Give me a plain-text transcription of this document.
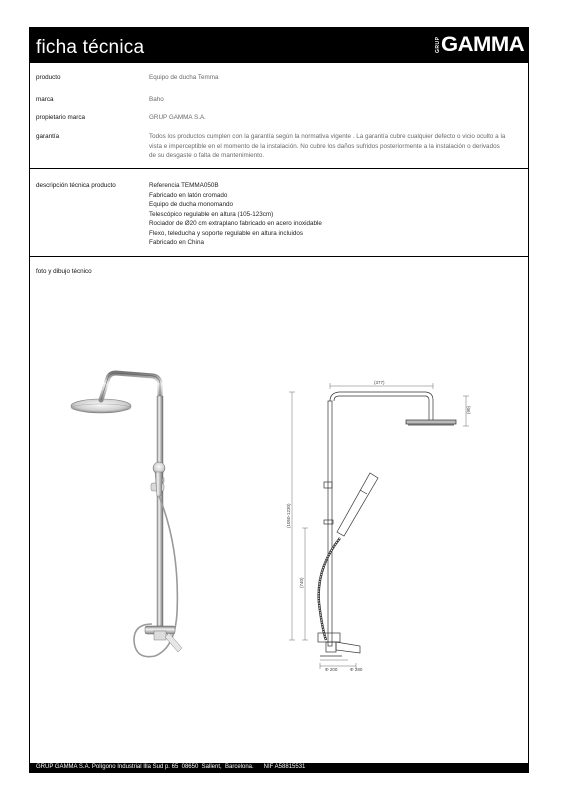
ficha técnica	GRUP GAMMA
producto	Equipo de ducha Temma
marca	Baho
propietario marca	GRUP GAMMA S.A.
garantía	Todos los productos cumplen con la garantía según la normativa vigente . La garantía cubre cualquier defecto o vicio oculto a la
vista e imperceptible en el momento de la instalación. No cubre los daños sufridos posteriormente a la instalación o derivados
de su desgaste o falta de mantenimiento.
descripción técnica producto	Referencia TEMMA050B
Fabricado en latón cromado
Equipo de ducha monomando
Telescópico regulable en altura (105-123cm)
Rociador de Ø20 cm extraplano fabricado en acero inoxidable
Flexo, teleducha y soporte regulable en altura incluidos
Fabricado en China
foto y dibujo técnico
(377)
(90)
(1050-1230)
(740)
Φ 200	Φ 280
GRUP GAMMA S.A. Polígono Industrial Illa Sud p. 65  08650  Sallent,  Barcelona.      NIF A58815531
